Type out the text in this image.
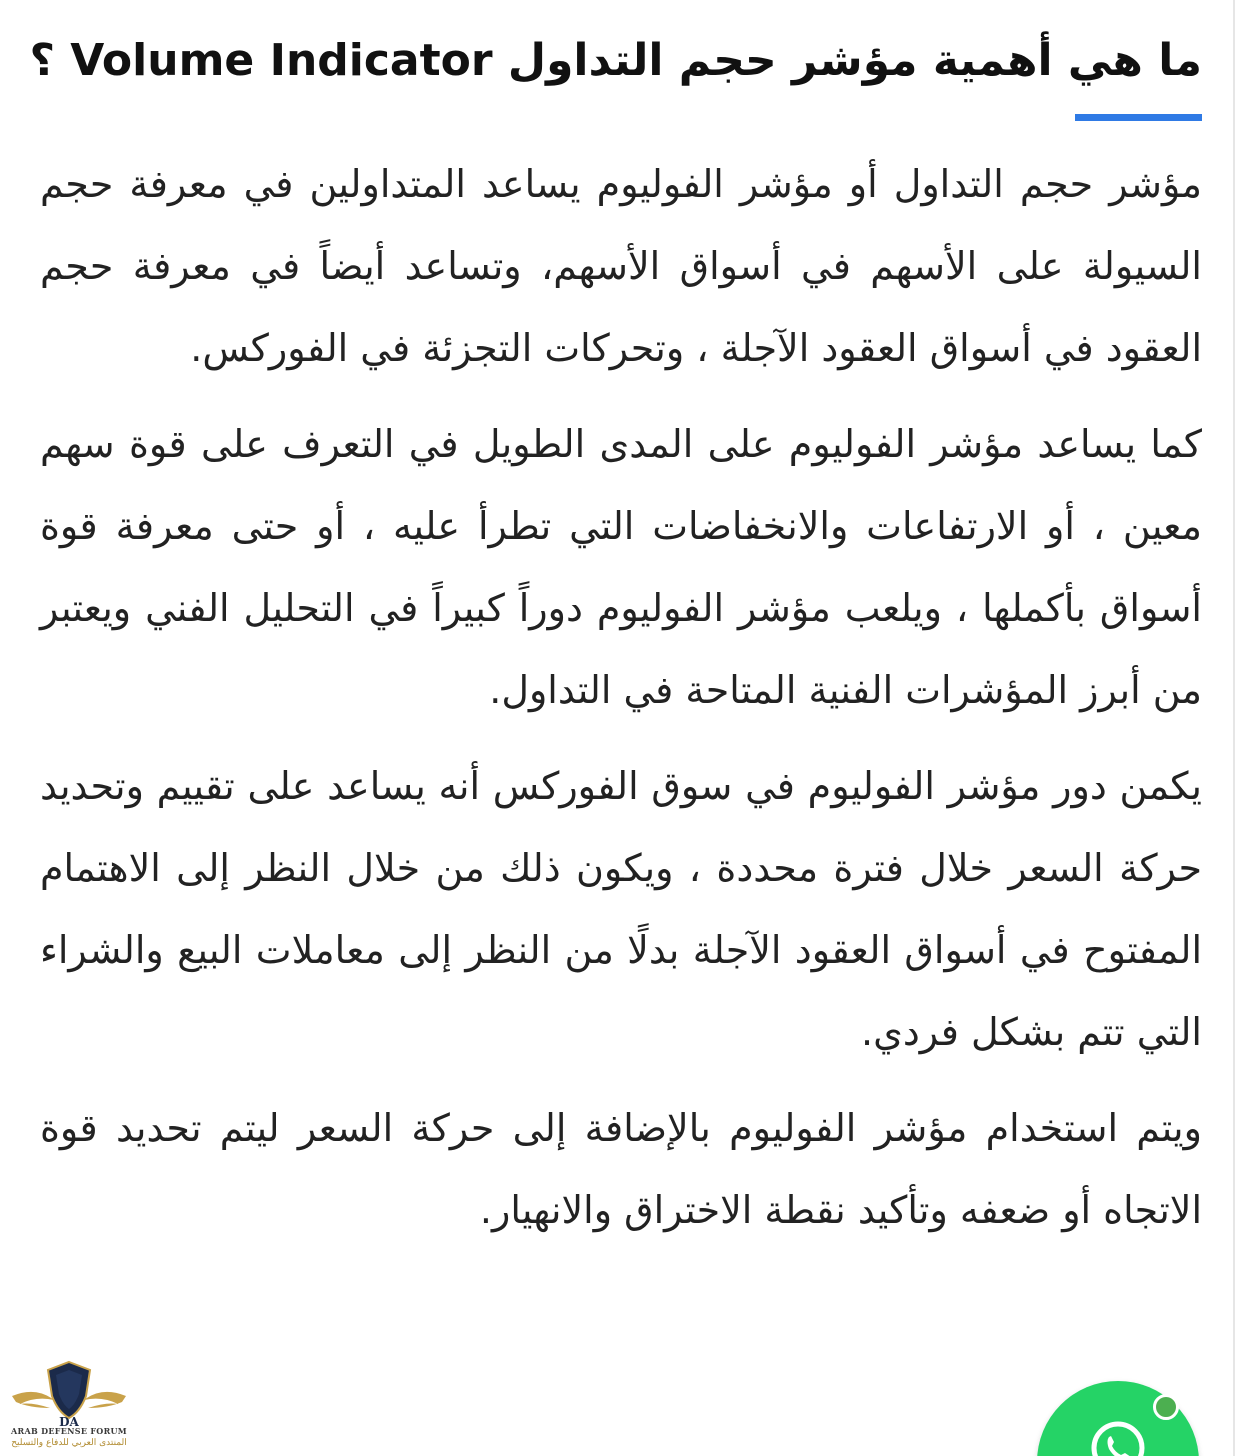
ما هي أهمية مؤشر حجم التداول Volume Indicator ؟

مؤشر حجم التداول أو مؤشر الفوليوم يساعد المتداولين في معرفة حجم السيولة على الأسهم في أسواق الأسهم، وتساعد أيضاً في معرفة حجم العقود في أسواق العقود الآجلة ، وتحركات التجزئة في الفوركس.

كما يساعد مؤشر الفوليوم على المدى الطويل في التعرف على قوة سهم معين ، أو الارتفاعات والانخفاضات التي تطرأ عليه ، أو حتى معرفة قوة أسواق بأكملها ، ويلعب مؤشر الفوليوم دوراً كبيراً في التحليل الفني ويعتبر من أبرز المؤشرات الفنية المتاحة في التداول.

يكمن دور مؤشر الفوليوم في سوق الفوركس أنه يساعد على تقييم وتحديد حركة السعر خلال فترة محددة ، ويكون ذلك من خلال النظر إلى الاهتمام المفتوح في أسواق العقود الآجلة بدلًا من النظر إلى معاملات البيع والشراء التي تتم بشكل فردي.

ويتم استخدام مؤشر الفوليوم بالإضافة إلى حركة السعر ليتم تحديد قوة الاتجاه أو ضعفه وتأكيد نقطة الاختراق والانهيار.

DA
ARAB DEFENSE FORUM
المنتدى العربي للدفاع والتسليح
